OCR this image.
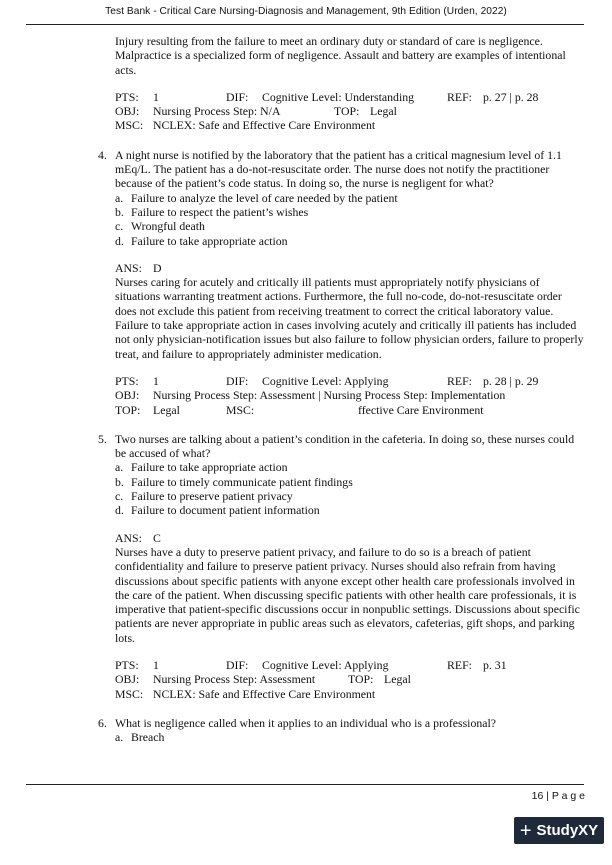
Test Bank - Critical Care Nursing-Diagnosis and Management, 9th Edition (Urden, 2022)

Injury resulting from the failure to meet an ordinary duty or standard of care is negligence. Malpractice is a specialized form of negligence. Assault and battery are examples of intentional acts.

PTS: 1	DIF: Cognitive Level: Understanding	REF: p. 27 | p. 28
OBJ: Nursing Process Step: N/A	TOP: Legal
MSC: NCLEX: Safe and Effective Care Environment
4. A night nurse is notified by the laboratory that the patient has a critical magnesium level of 1.1 mEq/L. The patient has a do-not-resuscitate order. The nurse does not notify the practitioner because of the patient’s code status. In doing so, the nurse is negligent for what?

a. Failure to analyze the level of care needed by the patient
b. Failure to respect the patient’s wishes
c. Wrongful death
d. Failure to take appropriate action
ANS: D

Nurses caring for acutely and critically ill patients must appropriately notify physicians of situations warranting treatment actions. Furthermore, the full no-code, do-not-resuscitate order does not exclude this patient from receiving treatment to correct the critical laboratory value. Failure to take appropriate action in cases involving acutely and critically ill patients has included not only physician-notification issues but also failure to follow physician orders, failure to properly treat, and failure to appropriately administer medication.

PTS: 1	DIF: Cognitive Level: Applying	REF: p. 28 | p. 29
OBJ: Nursing Process Step: Assessment | Nursing Process Step: Implementation
TOP: Legal	MSC:	ffective Care Environment
5. Two nurses are talking about a patient’s condition in the cafeteria. In doing so, these nurses could be accused of what?

a. Failure to take appropriate action
b. Failure to timely communicate patient findings
c. Failure to preserve patient privacy
d. Failure to document patient information
ANS: C

Nurses have a duty to preserve patient privacy, and failure to do so is a breach of patient confidentiality and failure to preserve patient privacy. Nurses should also refrain from having discussions about specific patients with anyone except other health care professionals involved in the care of the patient. When discussing specific patients with other health care professionals, it is imperative that patient-specific discussions occur in nonpublic settings. Discussions about specific patients are never appropriate in public areas such as elevators, cafeterias, gift shops, and parking lots.

PTS: 1	DIF: Cognitive Level: Applying	REF: p. 31
OBJ: Nursing Process Step: Assessment	TOP: Legal
MSC: NCLEX: Safe and Effective Care Environment
6. What is negligence called when it applies to an individual who is a professional?

a. Breach
16 | P a g e
+ StudyXY
